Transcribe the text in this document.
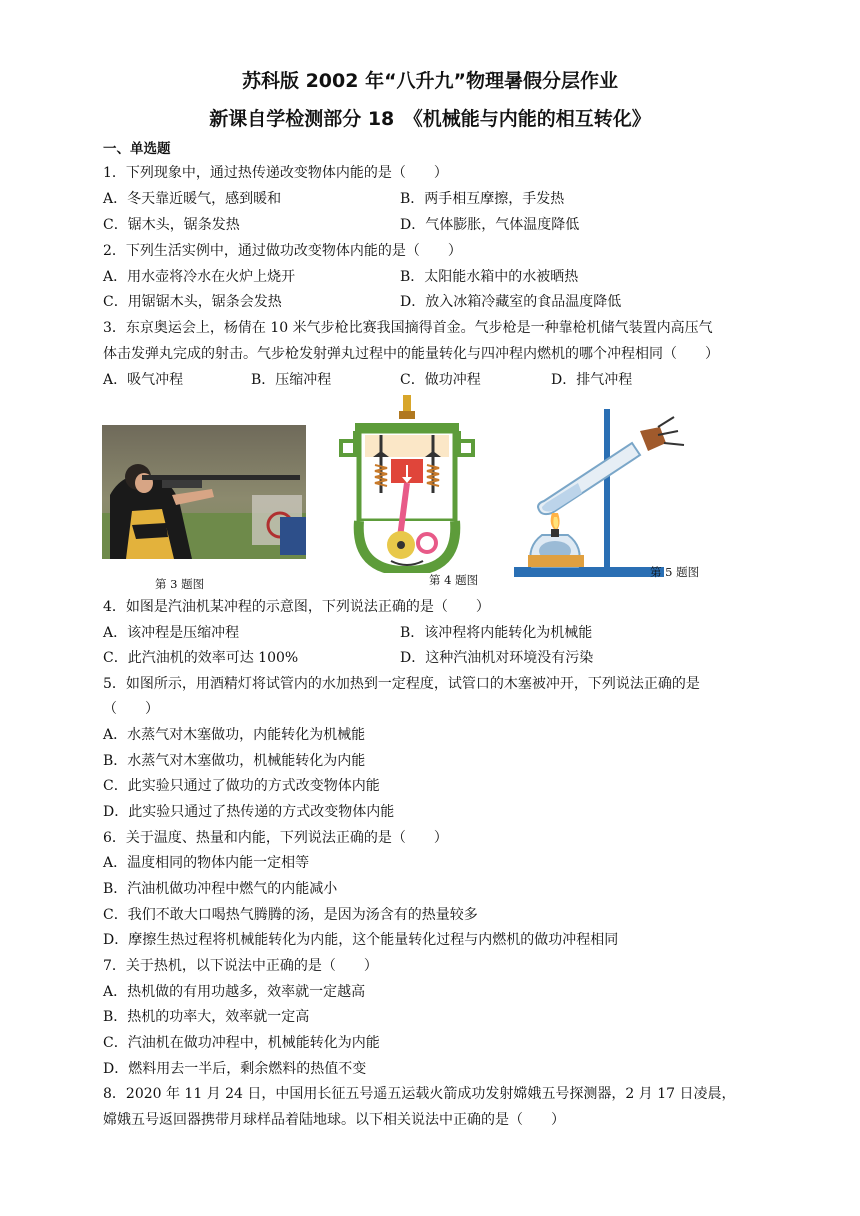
苏科版 2002 年“八升九”物理暑假分层作业
新课自学检测部分 18　《机械能与内能的相互转化》
一、单选题
1．下列现象中，通过热传递改变物体内能的是（　　）
A．冬天靠近暖气，感到暖和	B．两手相互摩擦，手发热
C．锯木头，锯条发热	D．气体膨胀，气体温度降低
2．下列生活实例中，通过做功改变物体内能的是（　　）
A．用水壶将冷水在火炉上烧开	B．太阳能水箱中的水被晒热
C．用锯锯木头，锯条会发热	D．放入冰箱冷藏室的食品温度降低
3．东京奥运会上，杨倩在 10 米气步枪比赛我国摘得首金。气步枪是一种靠枪机储气装置内高压气
体击发弹丸完成的射击。气步枪发射弹丸过程中的能量转化与四冲程内燃机的哪个冲程相同（　　）
A．吸气冲程	B．压缩冲程	C．做功冲程	D．排气冲程
第 3 题图	第 4 题图
第 5 题图
4．如图是汽油机某冲程的示意图，下列说法正确的是（　　）
A．该冲程是压缩冲程	B．该冲程将内能转化为机械能
C．此汽油机的效率可达 100%	D．这种汽油机对环境没有污染
5．如图所示，用酒精灯将试管内的水加热到一定程度，试管口的木塞被冲开，下列说法正确的是
（　　）
A．水蒸气对木塞做功，内能转化为机械能
B．水蒸气对木塞做功，机械能转化为内能
C．此实验只通过了做功的方式改变物体内能
D．此实验只通过了热传递的方式改变物体内能
6．关于温度、热量和内能，下列说法正确的是（　　）
A．温度相同的物体内能一定相等
B．汽油机做功冲程中燃气的内能减小
C．我们不敢大口喝热气腾腾的汤，是因为汤含有的热量较多
D．摩擦生热过程将机械能转化为内能，这个能量转化过程与内燃机的做功冲程相同
7．关于热机，以下说法中正确的是（　　）
A．热机做的有用功越多，效率就一定越高
B．热机的功率大，效率就一定高
C．汽油机在做功冲程中，机械能转化为内能
D．燃料用去一半后，剩余燃料的热值不变
8．2020 年 11 月 24 日，中国用长征五号遥五运载火箭成功发射嫦娥五号探测器，2 月 17 日凌晨，
嫦娥五号返回器携带月球样品着陆地球。以下相关说法中正确的是（　　）
